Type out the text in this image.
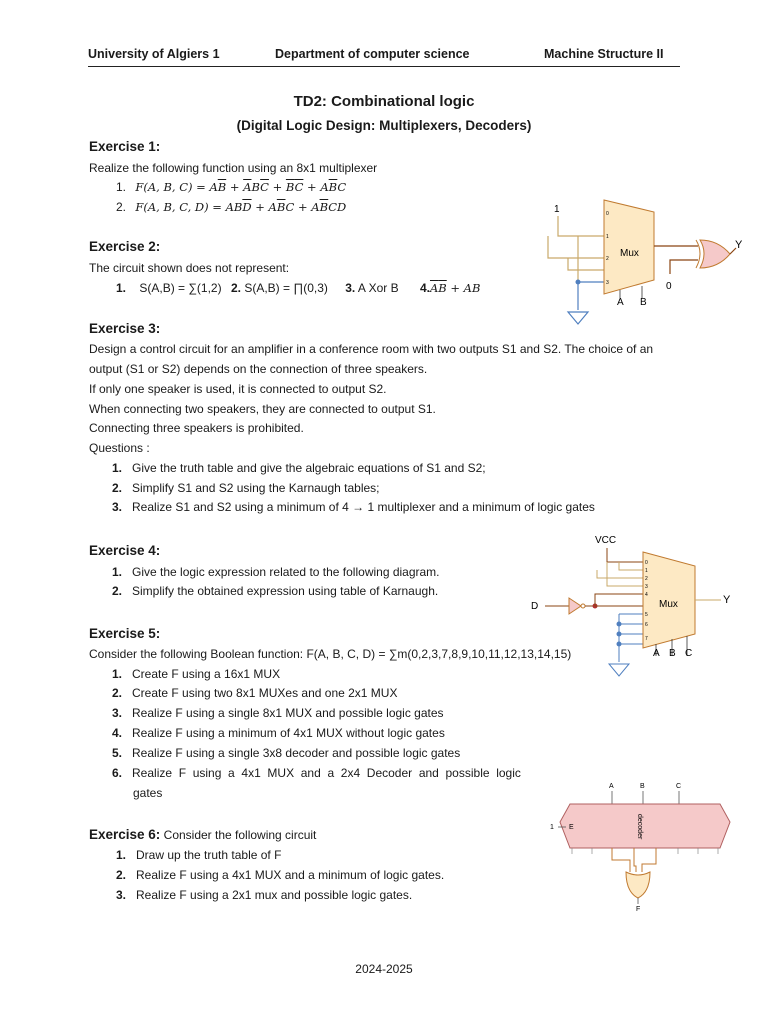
University of Algiers 1	Department of computer science	Machine Structure II
TD2: Combinational logic
(Digital Logic Design: Multiplexers, Decoders)
Exercise 1:
Realize the following function using an 8x1 multiplexer
1. F(A, B, $C) = A\overline{B} + \overline{A}B\overline{C} + \overline{B}\overline{C} + A\overline{B}C$
2. F(A, B, C, $D) = AB\overline{D} + A\overline{B}C + A\overline{B}CD$
Exercise 2:
The circuit shown does not represent:
1. S(A,B) = ∑(1,2) 2. S(A,B) = ∏(0,3) 3. A Xor B $4.\overline{A}\overline{B}$ + AB
1	0
1
2
3
Mux
A B
0
Y
Exercise 3:
Design a control circuit for an amplifier in a conference room with two outputs S1 and S2. The choice of an
output (S1 or S2) depends on the connection of three speakers.
If only one speaker is used, it is connected to output S2.
When connecting two speakers, they are connected to output S1.
Connecting three speakers is prohibited.
Questions :
1. Give the truth table and give the algebraic equations of S1 and S2;
2. Simplify S1 and S2 using the Karnaugh tables;
3. Realize S1 and S2 using a minimum of 4 → 1 multiplexer and a minimum of logic gates
Exercise 4:
1. Give the logic expression related to the following diagram.
2. Simplify the obtained expression using table of Karnaugh.
VCC
D
0
1
2
3
4
5
6
7
Mux	Y
A B C
Exercise 5:
Consider the following Boolean function: F(A, B, C, D) = ∑m(0,2,3,7,8,9,10,11,12,13,14,15)
1. Create F using a 16x1 MUX
2. Create F using two 8x1 MUXes and one 2x1 MUX
3. Realize F using a single 8x1 MUX and possible logic gates
4. Realize F using a minimum of 4x1 MUX without logic gates
5. Realize F using a single 3x8 decoder and possible logic gates
6. Realize  F  using  a  4x1  MUX  and  a  2x4  Decoder  and  possible  logic
gates
Exercise 6: Consider the following circuit
1. Draw up the truth table of F
2. Realize F using a 4x1 MUX and a minimum of logic gates.
3. Realize F using a 2x1 mux and possible logic gates.
A	B	C
1 E	decoder
F
2024-2025
